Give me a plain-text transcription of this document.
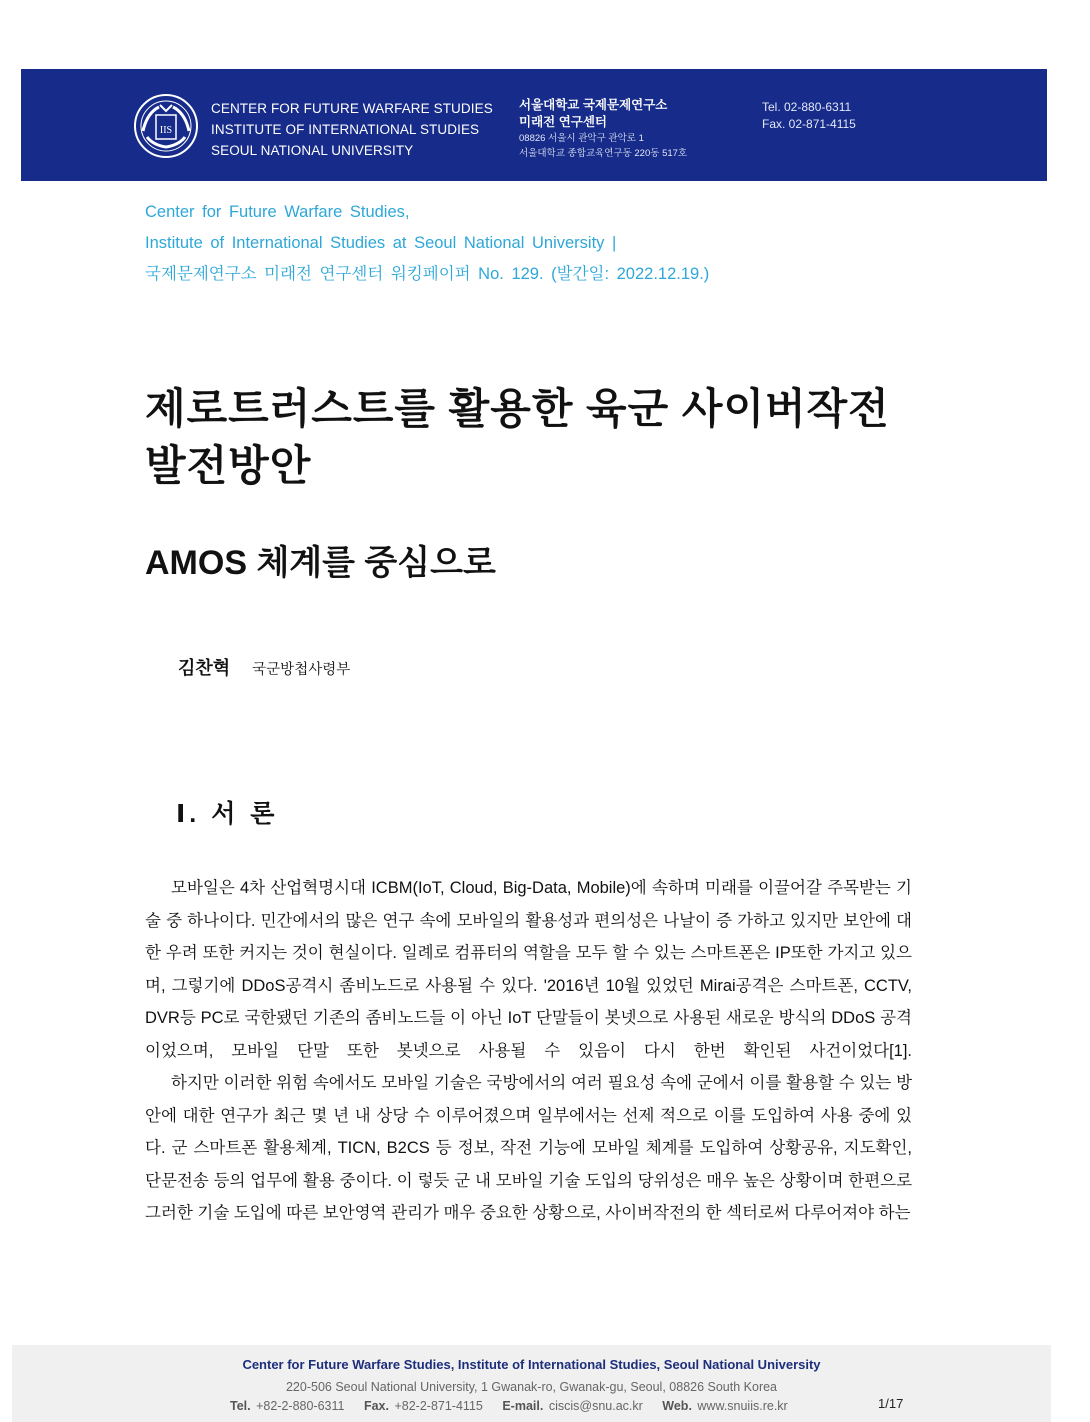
IIS
CENTER FOR FUTURE WARFARE STUDIES
INSTITUTE OF INTERNATIONAL STUDIES
SEOUL NATIONAL UNIVERSITY
서울대학교 국제문제연구소
미래전 연구센터
08826 서울시 관악구 관악로 1
서울대학교 종합교육연구동 220동 517호
Tel. 02-880-6311
Fax. 02-871-4115
Center for Future Warfare Studies,
Institute of International Studies at Seoul National University |
국제문제연구소 미래전 연구센터 워킹페이퍼 No. 129. (발간일: 2022.12.19.)
제로트러스트를 활용한 육군 사이버작전
발전방안
AMOS 체계를 중심으로
김찬혁 국군방첩사령부
Ⅰ. 서 론

모바일은 4차 산업혁명시대 ICBM(IoT, Cloud, Big-Data, Mobile)에 속하며 미래를 이끌어갈 주목받는 기술 중 하나이다. 민간에서의 많은 연구 속에 모바일의 활용성과 편의성은 나날이 증 가하고 있지만 보안에 대한 우려 또한 커지는 것이 현실이다. 일례로 컴퓨터의 역할을 모두 할 수 있는 스마트폰은 IP또한 가지고 있으며, 그렇기에 DDoS공격시 좀비노드로 사용될 수 있다. '2016년 10월 있었던 Mirai공격은 스마트폰, CCTV, DVR등 PC로 국한됐던 기존의 좀비노드들 이 아닌 IoT 단말들이 봇넷으로 사용된 새로운 방식의 DDoS 공격이었으며, 모바일 단말 또한 봇넷으로 사용될 수 있음이 다시 한번 확인된 사건이었다[1].

하지만 이러한 위험 속에서도 모바일 기술은 국방에서의 여러 필요성 속에 군에서 이를 활용할 수 있는 방안에 대한 연구가 최근 몇 년 내 상당 수 이루어졌으며 일부에서는 선제 적으로 이를 도입하여 사용 중에 있다. 군 스마트폰 활용체계, TICN, B2CS 등 정보, 작전 기능에 모바일 체계를 도입하여 상황공유, 지도확인, 단문전송 등의 업무에 활용 중이다. 이 렇듯 군 내 모바일 기술 도입의 당위성은 매우 높은 상황이며 한편으로 그러한 기술 도입에 따른 보안영역 관리가 매우 중요한 상황으로, 사이버작전의 한 섹터로써 다루어져야 하는

Center for Future Warfare Studies, Institute of International Studies, Seoul National University
220-506 Seoul National University, 1 Gwanak-ro, Gwanak-gu, Seoul, 08826 South Korea
Tel. +82-2-880-6311 Fax. +82-2-871-4115 E-mail. ciscis@snu.ac.kr Web. www.snuiis.re.kr	1/17
